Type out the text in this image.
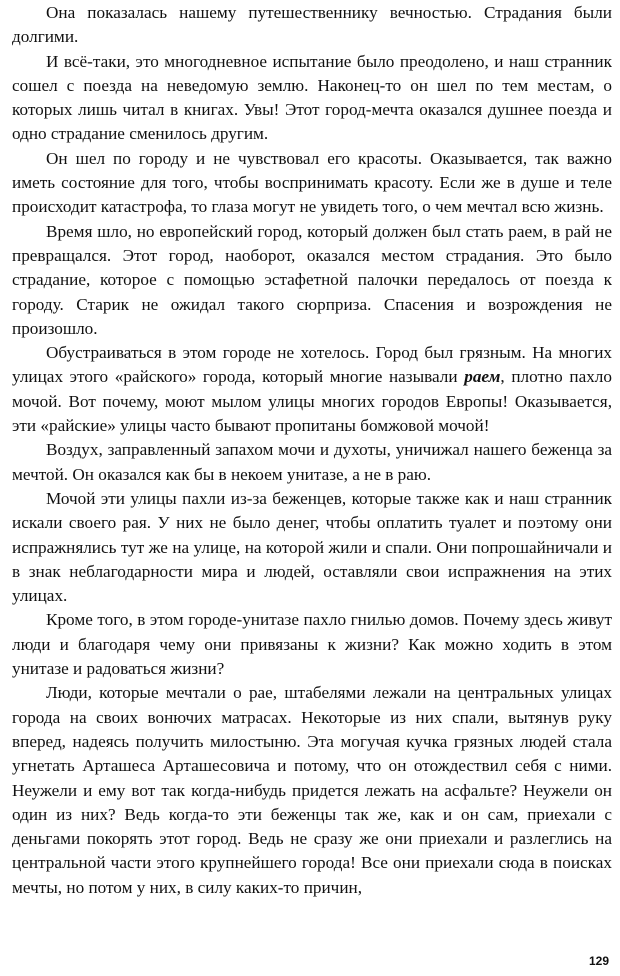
Она показалась нашему путешественнику вечностью. Страдания были долгими.

И всё-таки, это многодневное испытание было преодолено, и наш странник сошел с поезда на неведомую землю. Наконец-то он шел по тем местам, о которых лишь читал в книгах. Увы! Этот город-мечта оказался душнее поезда и одно страдание сменилось другим.

Он шел по городу и не чувствовал его красоты. Оказывается, так важно иметь состояние для того, чтобы воспринимать красоту. Если же в душе и теле происходит катастрофа, то глаза могут не увидеть того, о чем мечтал всю жизнь.

Время шло, но европейский город, который должен был стать раем, в рай не превращался. Этот город, наоборот, оказался местом страдания. Это было страдание, которое с помощью эстафетной палочки передалось от поезда к городу. Старик не ожидал такого сюрприза. Спасения и возрождения не произошло.

Обустраиваться в этом городе не хотелось. Город был грязным. На многих улицах этого «райского» города, который многие называли раем, плотно пахло мочой. Вот почему, моют мылом улицы многих городов Европы! Оказывается, эти «райские» улицы часто бывают пропитаны бомжовой мочой!

Воздух, заправленный запахом мочи и духоты, уничижал нашего беженца за мечтой. Он оказался как бы в некоем унитазе, а не в раю.

Мочой эти улицы пахли из-за беженцев, которые также как и наш странник искали своего рая. У них не было денег, чтобы оплатить туалет и поэтому они испражнялись тут же на улице, на которой жили и спали. Они попрошайничали и в знак неблагодарности мира и людей, оставляли свои испражнения на этих улицах.

Кроме того, в этом городе-унитазе пахло гнилью домов. Почему здесь живут люди и благодаря чему они привязаны к жизни? Как можно ходить в этом унитазе и радоваться жизни?

Люди, которые мечтали о рае, штабелями лежали на центральных улицах города на своих вонючих матрасах. Некоторые из них спали, вытянув руку вперед, надеясь получить милостыню. Эта могучая кучка грязных людей стала угнетать Арташеса Арташесовича и потому, что он отождествил себя с ними. Неужели и ему вот так когда-нибудь придется лежать на асфальте? Неужели он один из них? Ведь когда-то эти беженцы так же, как и он сам, приехали с деньгами покорять этот город. Ведь не сразу же они приехали и разлеглись на центральной части этого крупнейшего города! Все они приехали сюда в поисках мечты, но потом у них, в силу каких-то причин,

129
